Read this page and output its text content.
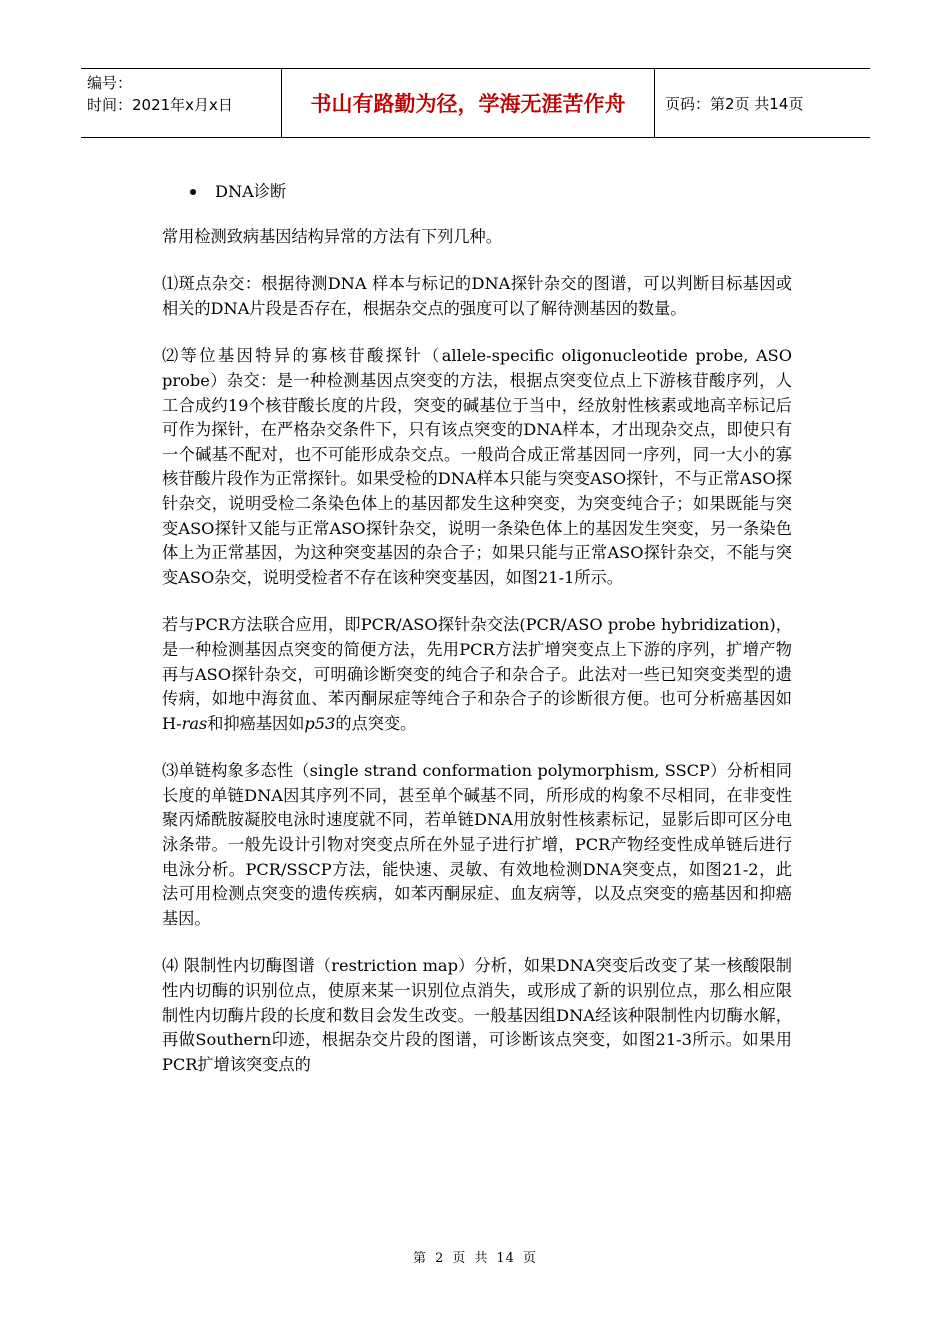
编号：
时间：2021年x月x日	书山有路勤为径，学海无涯苦作舟	页码：第2页 共14页
DNA诊断

常用检测致病基因结构异常的方法有下列几种。

⑴斑点杂交：根据待测DNA 样本与标记的DNA探针杂交的图谱，可以判断目标基因或相关的DNA片段是否存在，根据杂交点的强度可以了解待测基因的数量。

⑵等位基因特异的寡核苷酸探针（allele-specific oligonucleotide probe, ASO probe）杂交：是一种检测基因点突变的方法，根据点突变位点上下游核苷酸序列，人工合成约19个核苷酸长度的片段，突变的碱基位于当中，经放射性核素或地高辛标记后可作为探针，在严格杂交条件下，只有该点突变的DNA样本，才出现杂交点，即使只有一个碱基不配对，也不可能形成杂交点。一般尚合成正常基因同一序列，同一大小的寡核苷酸片段作为正常探针。如果受检的DNA样本只能与突变ASO探针，不与正常ASO探针杂交，说明受检二条染色体上的基因都发生这种突变，为突变纯合子；如果既能与突变ASO探针又能与正常ASO探针杂交，说明一条染色体上的基因发生突变，另一条染色体上为正常基因，为这种突变基因的杂合子；如果只能与正常ASO探针杂交，不能与突变ASO杂交，说明受检者不存在该种突变基因，如图21-1所示。

若与PCR方法联合应用，即PCR/ASO探针杂交法(PCR/ASO probe hybridization)，是一种检测基因点突变的简便方法，先用PCR方法扩增突变点上下游的序列，扩增产物再与ASO探针杂交，可明确诊断突变的纯合子和杂合子。此法对一些已知突变类型的遗传病，如地中海贫血、苯丙酮尿症等纯合子和杂合子的诊断很方便。也可分析癌基因如H-ras和抑癌基因如p53的点突变。

⑶单链构象多态性（single strand conformation polymorphism, SSCP）分析相同长度的单链DNA因其序列不同，甚至单个碱基不同，所形成的构象不尽相同，在非变性聚丙烯酰胺凝胶电泳时速度就不同，若单链DNA用放射性核素标记，显影后即可区分电泳条带。一般先设计引物对突变点所在外显子进行扩增，PCR产物经变性成单链后进行电泳分析。PCR/SSCP方法，能快速、灵敏、有效地检测DNA突变点，如图21-2，此法可用检测点突变的遗传疾病，如苯丙酮尿症、血友病等，以及点突变的癌基因和抑癌基因。

⑷ 限制性内切酶图谱（restriction map）分析，如果DNA突变后改变了某一核酸限制性内切酶的识别位点，使原来某一识别位点消失，或形成了新的识别位点，那么相应限制性内切酶片段的长度和数目会发生改变。一般基因组DNA经该种限制性内切酶水解，再做Southern印迹，根据杂交片段的图谱，可诊断该点突变，如图21-3所示。如果用PCR扩增该突变点的

第 2 页 共 14 页
